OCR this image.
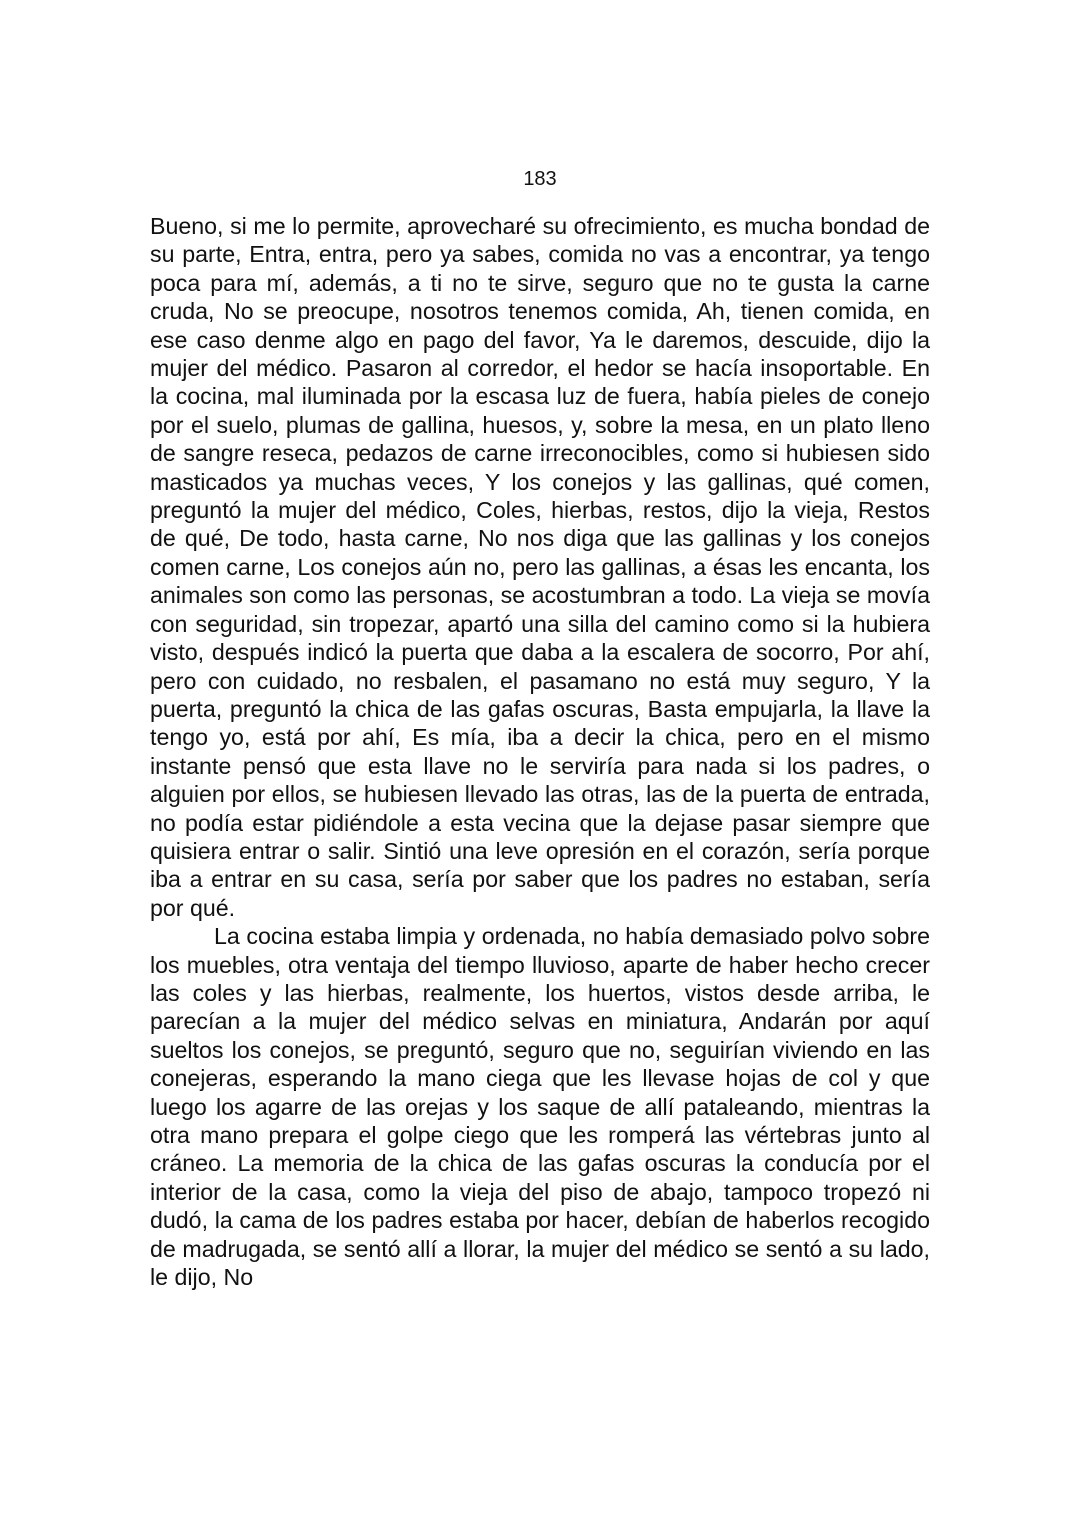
183

Bueno, si me lo permite, aprovecharé su ofrecimiento, es mucha bondad de su parte, Entra, entra, pero ya sabes, comida no vas a encontrar, ya tengo poca para mí, además, a ti no te sirve, seguro que no te gusta la carne cruda, No se preocupe, nosotros tenemos comida, Ah, tienen comida, en ese caso denme algo en pago del favor, Ya le daremos, descuide, dijo la mujer del médico. Pasaron al corredor, el hedor se hacía insoportable. En la cocina, mal iluminada por la escasa luz de fuera, había pieles de conejo por el suelo, plumas de gallina, huesos, y, sobre la mesa, en un plato lleno de sangre reseca, pedazos de carne irreconocibles, como si hubiesen sido masticados ya muchas veces, Y los conejos y las gallinas, qué comen, preguntó la mujer del médico, Coles, hierbas, restos, dijo la vieja, Restos de qué, De todo, hasta carne, No nos diga que las gallinas y los conejos comen carne, Los conejos aún no, pero las gallinas, a ésas les encanta, los animales son como las personas, se acostumbran a todo. La vieja se movía con seguridad, sin tropezar, apartó una silla del camino como si la hubiera visto, después indicó la puerta que daba a la escalera de socorro, Por ahí, pero con cuidado, no resbalen, el pasamano no está muy seguro, Y la puerta, preguntó la chica de las gafas oscuras, Basta empujarla, la llave la tengo yo, está por ahí, Es mía, iba a decir la chica, pero en el mismo instante pensó que esta llave no le serviría para nada si los padres, o alguien por ellos, se hubiesen llevado las otras, las de la puerta de entrada, no podía estar pidiéndole a esta vecina que la dejase pasar siempre que quisiera entrar o salir. Sintió una leve opresión en el corazón, sería porque iba a entrar en su casa, sería por saber que los padres no estaban, sería por qué.

La cocina estaba limpia y ordenada, no había demasiado polvo sobre los muebles, otra ventaja del tiempo lluvioso, aparte de haber hecho crecer las coles y las hierbas, realmente, los huertos, vistos desde arriba, le parecían a la mujer del médico selvas en miniatura, Andarán por aquí sueltos los conejos, se preguntó, seguro que no, seguirían viviendo en las conejeras, esperando la mano ciega que les llevase hojas de col y que luego los agarre de las orejas y los saque de allí pataleando, mientras la otra mano prepara el golpe ciego que les romperá las vértebras junto al cráneo. La memoria de la chica de las gafas oscuras la conducía por el interior de la casa, como la vieja del piso de abajo, tampoco tropezó ni dudó, la cama de los padres estaba por hacer, debían de haberlos recogido de madrugada, se sentó allí a llorar, la mujer del médico se sentó a su lado, le dijo, No
